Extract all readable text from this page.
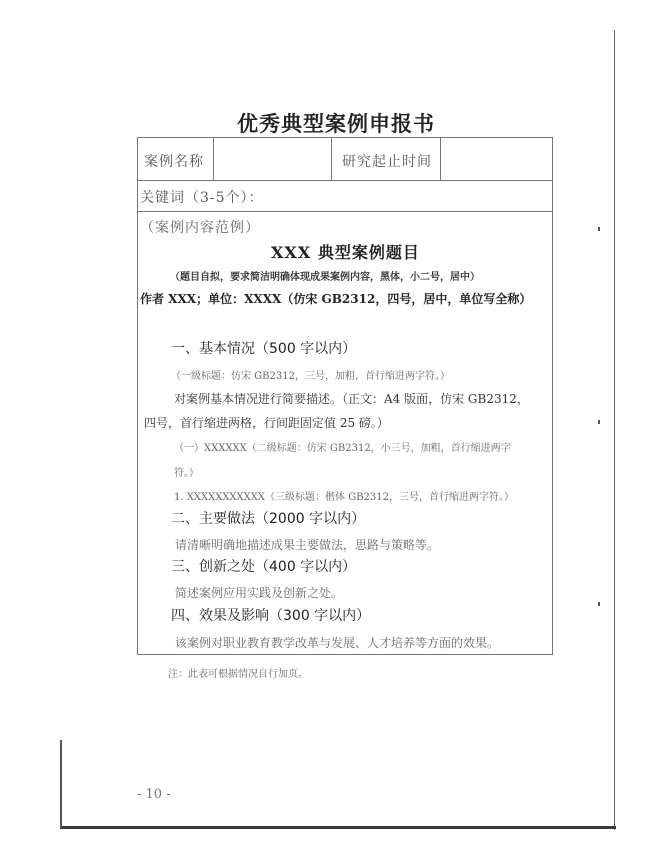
优秀典型案例申报书
案例名称	研究起止时间
关键词（3-5个）：
（案例内容范例）
XXX 典型案例题目
（题目自拟，要求简洁明确体现成果案例内容，黑体，小二号，居中）
作者 XXX；单位：XXXX（仿宋 GB2312，四号，居中，单位写全称）
一、基本情况（500 字以内）
（一级标题：仿宋 GB2312，三号，加粗，首行缩进两字符。）
对案例基本情况进行简要描述。（正文：A4 版面，仿宋 GB2312，
四号，首行缩进两格，行间距固定值 25 磅。）
（一）XXXXXX（二级标题：仿宋 GB2312，小三号，加粗，首行缩进两字
符。）
1. XXXXXXXXXXX（三级标题：楷体 GB2312，三号，首行缩进两字符。）
二、主要做法（2000 字以内）
请清晰明确地描述成果主要做法，思路与策略等。
三、创新之处（400 字以内）
简述案例应用实践及创新之处。
四、效果及影响（300 字以内）
该案例对职业教育教学改革与发展、人才培养等方面的效果。
注：此表可根据情况自行加页。
- 10 -
